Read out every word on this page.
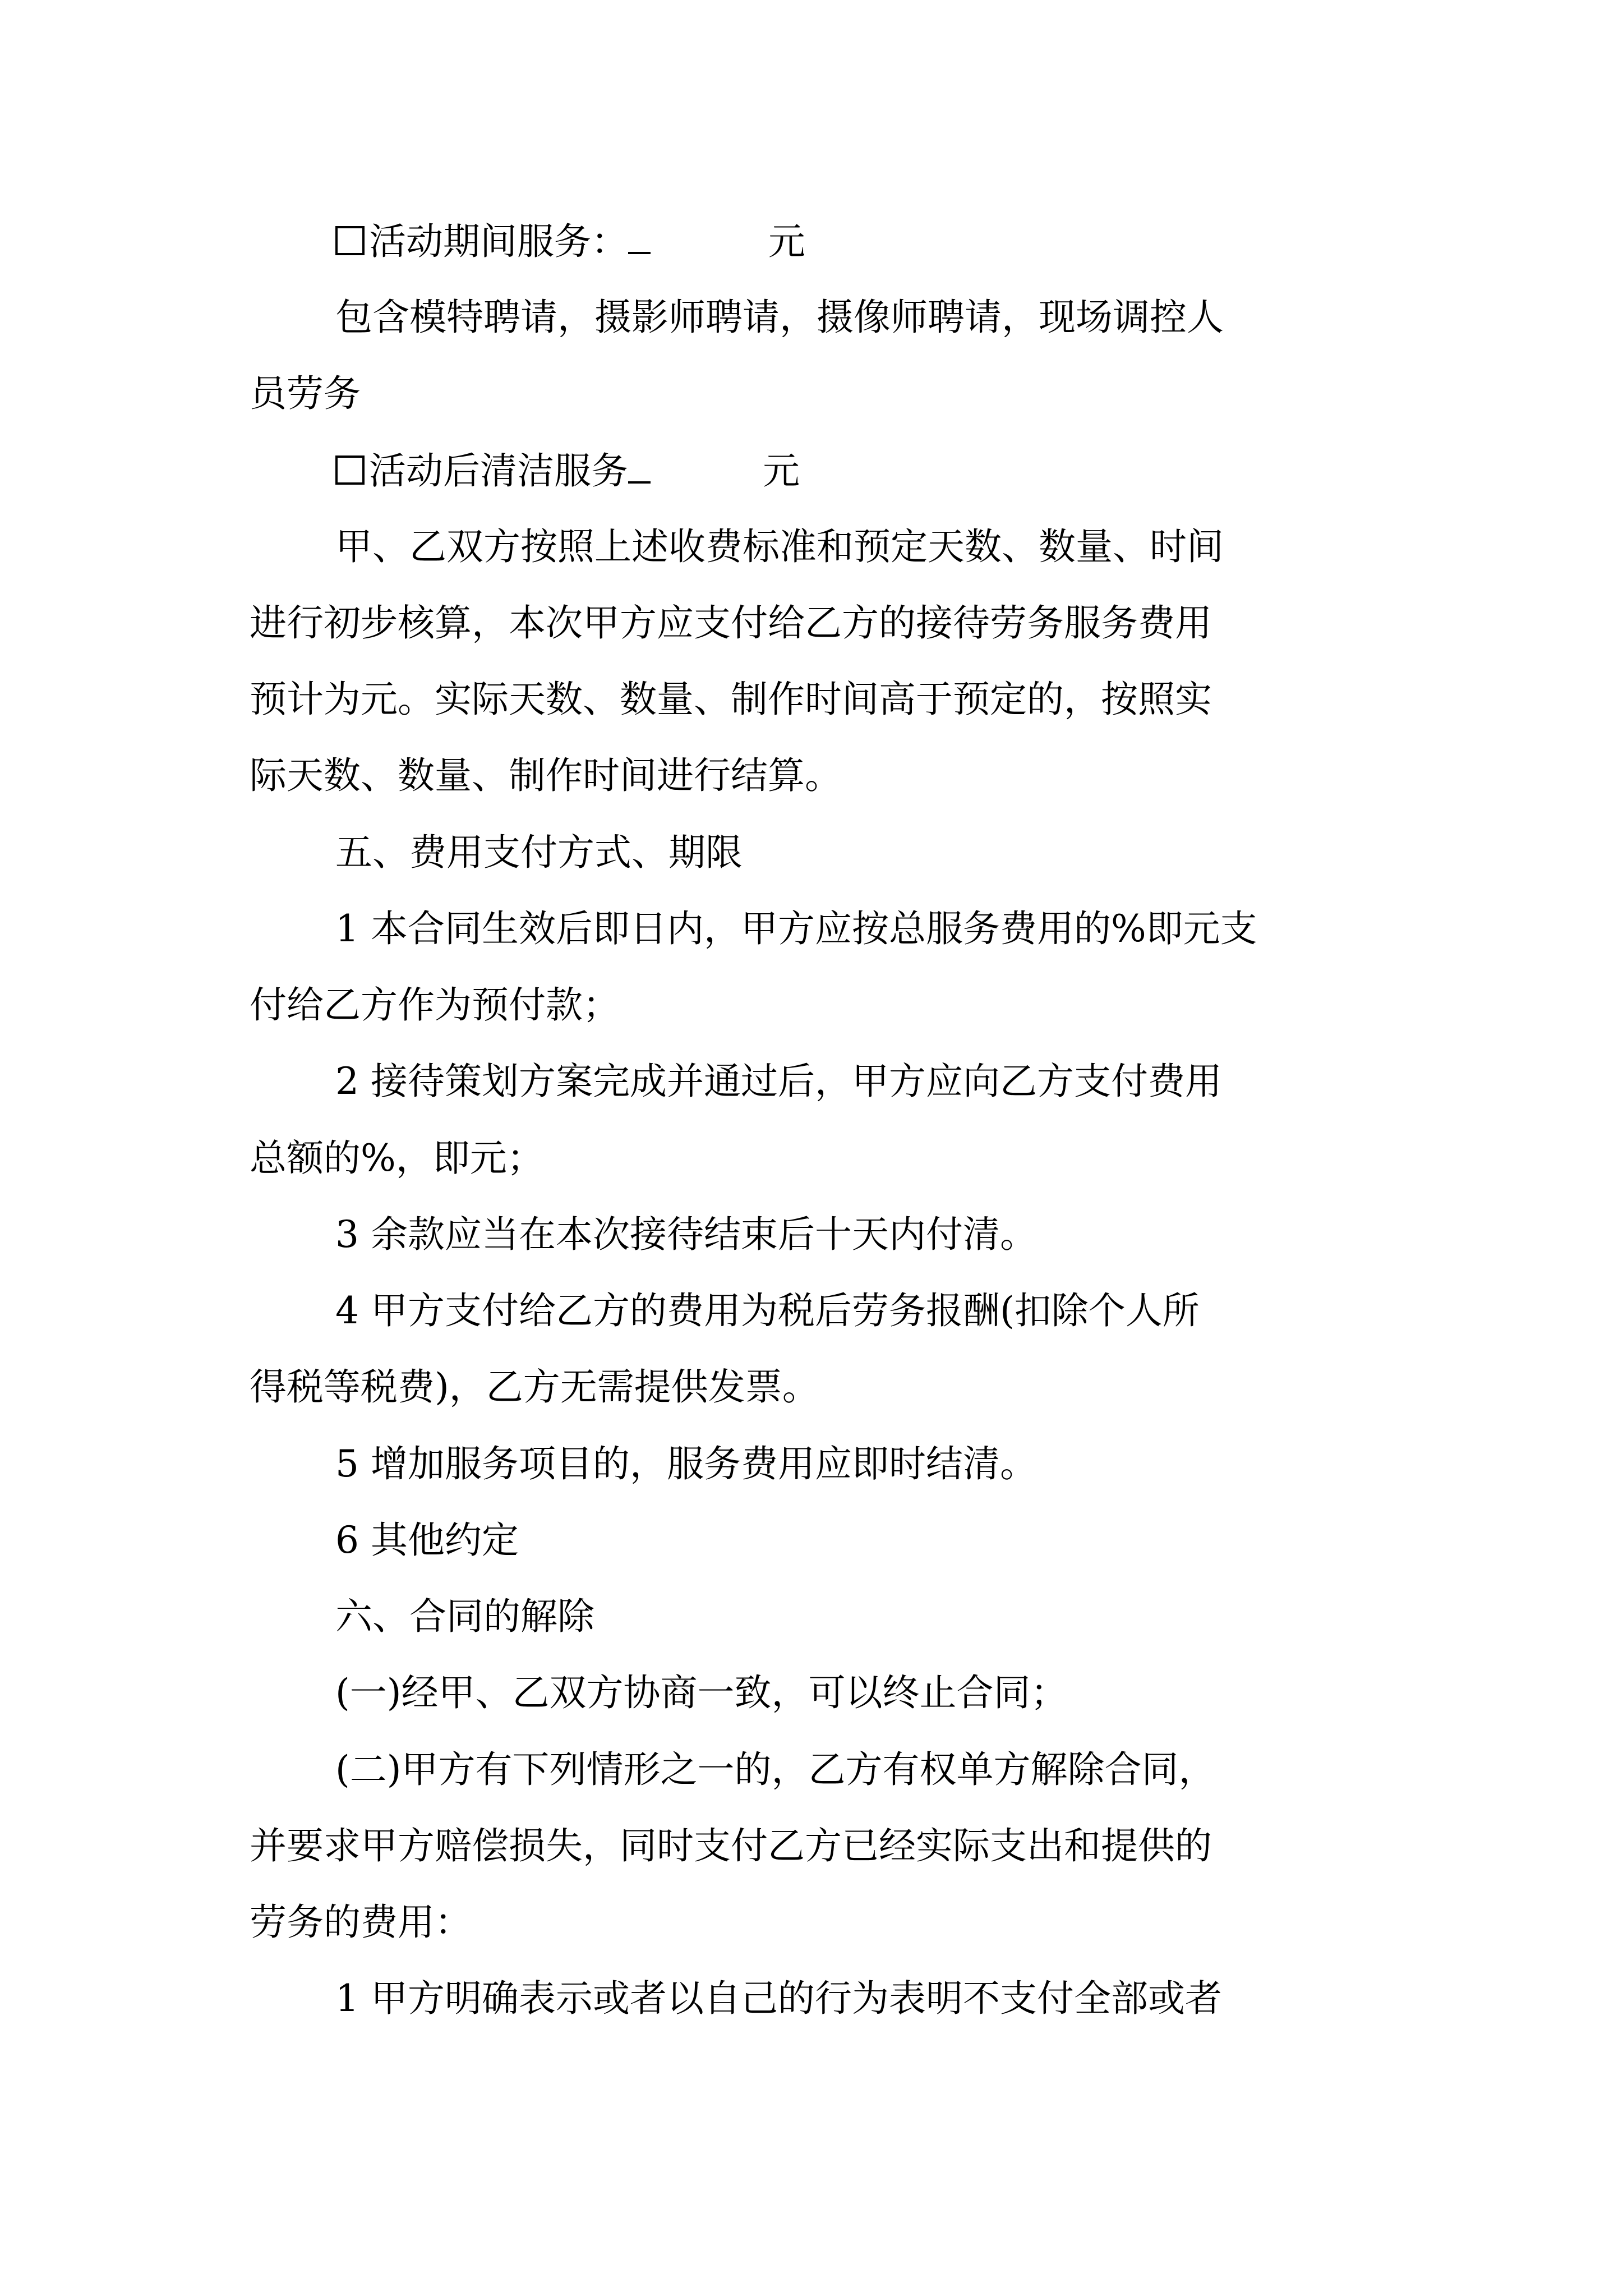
活动期间服务：	元
包含模特聘请，摄影师聘请，摄像师聘请，现场调控人
员劳务
活动后清洁服务	元
甲、乙双方按照上述收费标准和预定天数、数量、时间
进行初步核算，本次甲方应支付给乙方的接待劳务服务费用
预计为元。实际天数、数量、制作时间高于预定的，按照实
际天数、数量、制作时间进行结算。
五、费用支付方式、期限
1 本合同生效后即日内，甲方应按总服务费用的%即元支
付给乙方作为预付款；
2 接待策划方案完成并通过后，甲方应向乙方支付费用
总额的%，即元；
3 余款应当在本次接待结束后十天内付清。
4 甲方支付给乙方的费用为税后劳务报酬(扣除个人所
得税等税费)，乙方无需提供发票。
5 增加服务项目的，服务费用应即时结清。
6 其他约定
六、合同的解除
(一)经甲、乙双方协商一致，可以终止合同；
(二)甲方有下列情形之一的，乙方有权单方解除合同，
并要求甲方赔偿损失，同时支付乙方已经实际支出和提供的
劳务的费用：
1 甲方明确表示或者以自己的行为表明不支付全部或者
